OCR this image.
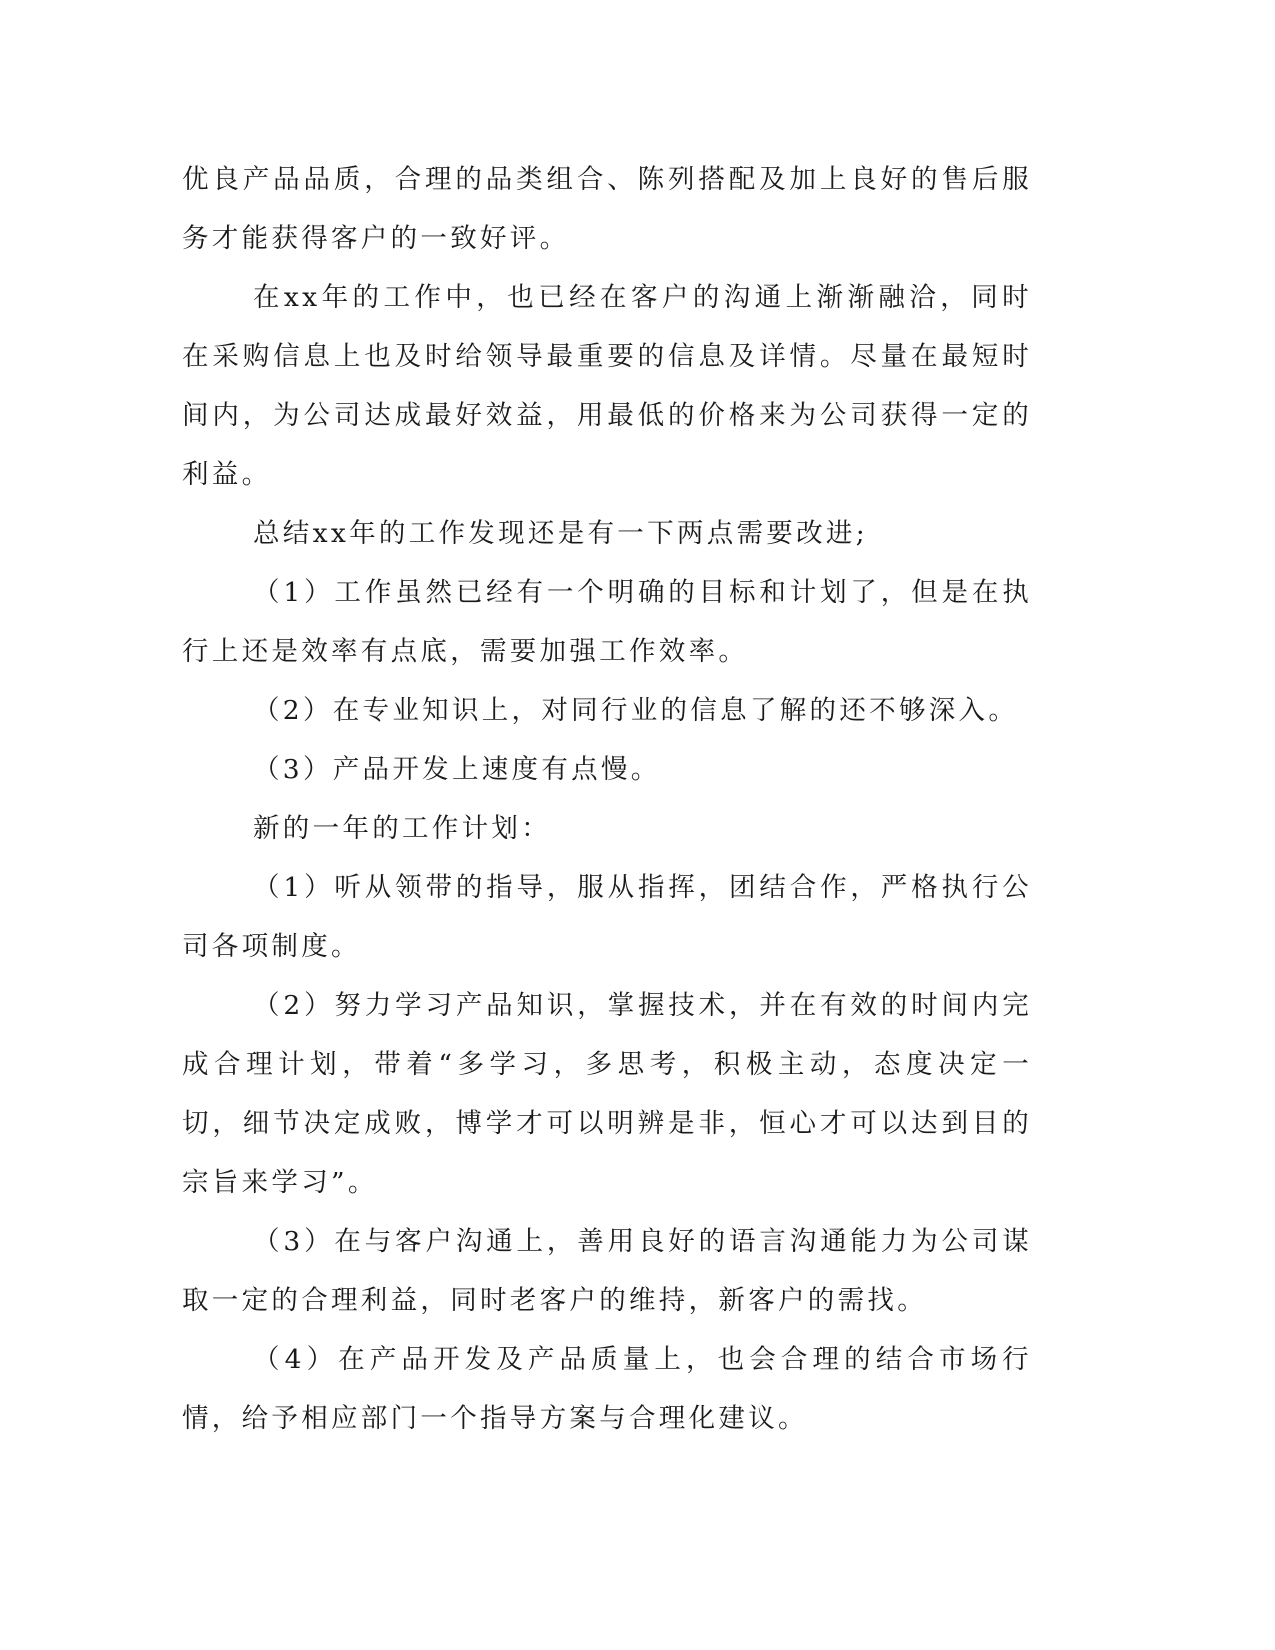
优良产品品质，合理的品类组合、陈列搭配及加上良好的售后服务才能获得客户的一致好评。

在xx年的工作中，也已经在客户的沟通上渐渐融洽，同时在采购信息上也及时给领导最重要的信息及详情。尽量在最短时间内，为公司达成最好效益，用最低的价格来为公司获得一定的利益。

总结xx年的工作发现还是有一下两点需要改进;

（1）工作虽然已经有一个明确的目标和计划了，但是在执行上还是效率有点底，需要加强工作效率。

（2）在专业知识上，对同行业的信息了解的还不够深入。

（3）产品开发上速度有点慢。

新的一年的工作计划：

（1）听从领带的指导，服从指挥，团结合作，严格执行公司各项制度。

（2）努力学习产品知识，掌握技术，并在有效的时间内完成合理计划，带着“多学习，多思考，积极主动，态度决定一切，细节决定成败，博学才可以明辨是非，恒心才可以达到目的宗旨来学习”。

（3）在与客户沟通上，善用良好的语言沟通能力为公司谋取一定的合理利益，同时老客户的维持，新客户的需找。

（4）在产品开发及产品质量上，也会合理的结合市场行情，给予相应部门一个指导方案与合理化建议。
